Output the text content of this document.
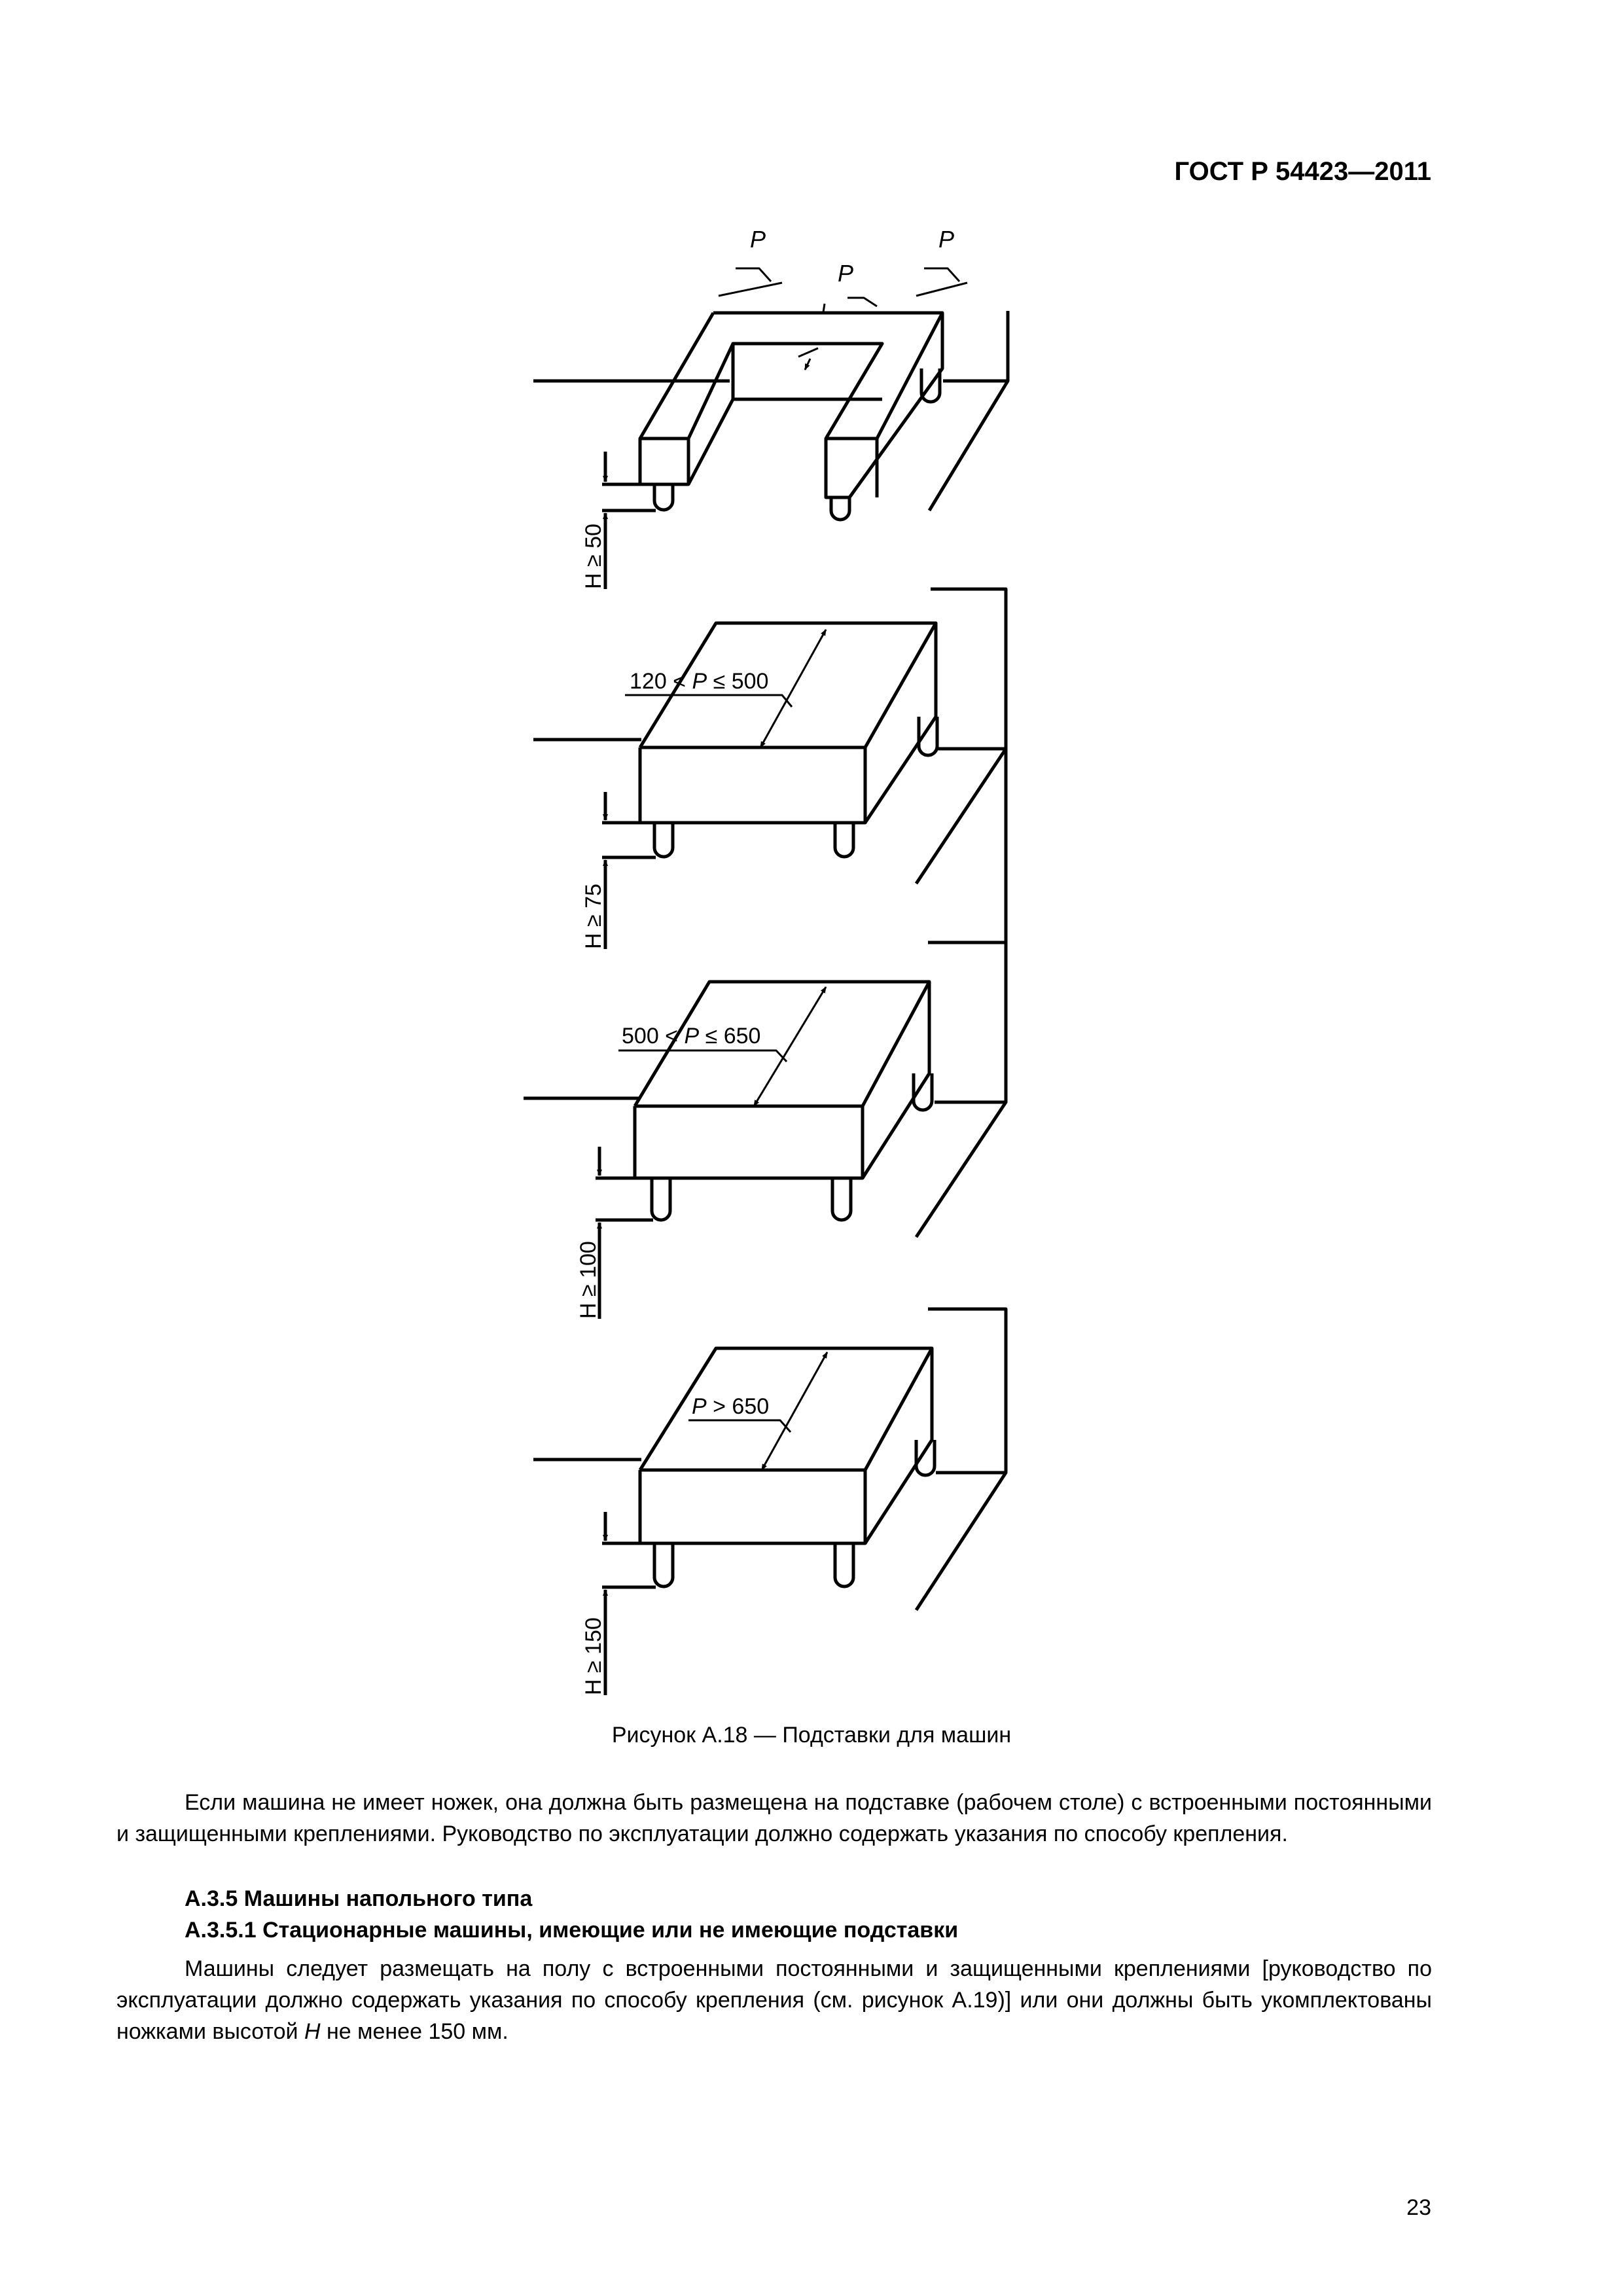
ГОСТ Р 54423—2011
P	P
P
H ≥ 50
120 < P ≤ 500
H ≥ 75
500 < P ≤ 650
H ≥ 100
P > 650
H ≥ 150
Рисунок А.18 — Подставки для машин
Если машина не имеет ножек, она должна быть размещена на подставке (рабочем столе) с встроенными постоянными и защищенными креплениями. Руководство по эксплуатации должно содержать указания по способу крепления.
А.3.5 Машины напольного типа
А.3.5.1 Стационарные машины, имеющие или не имеющие подставки
Машины следует размещать на полу с встроенными постоянными и защищенными креплениями [руководство по эксплуатации должно содержать указания по способу крепления (см. рисунок А.19)] или они должны быть укомплектованы ножками высотой H не менее 150 мм.
23
